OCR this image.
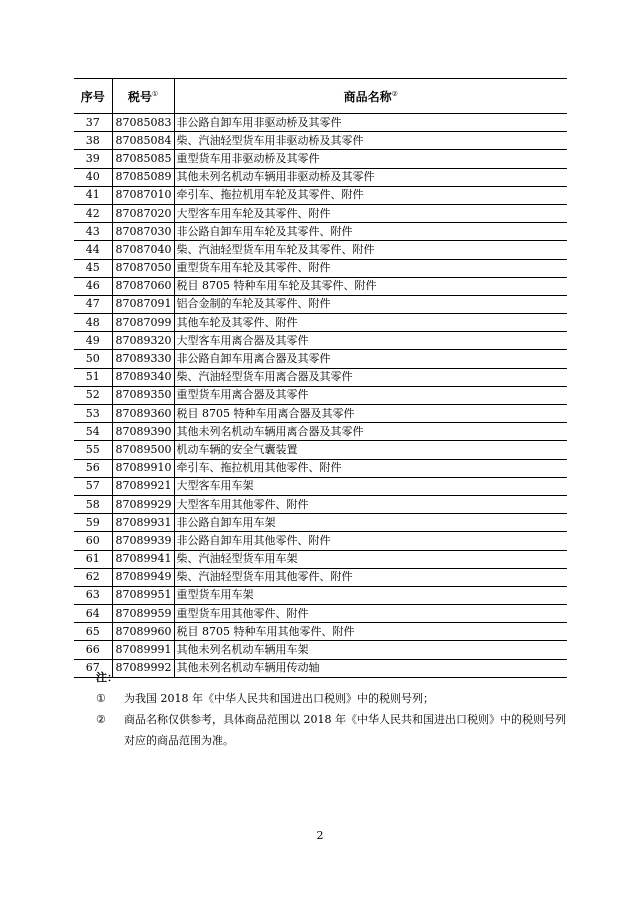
序号	税号①	商品名称②
37	87085083	非公路自卸车用非驱动桥及其零件
38	87085084	柴、汽油轻型货车用非驱动桥及其零件
39	87085085	重型货车用非驱动桥及其零件
40	87085089	其他未列名机动车辆用非驱动桥及其零件
41	87087010	牵引车、拖拉机用车轮及其零件、附件
42	87087020	大型客车用车轮及其零件、附件
43	87087030	非公路自卸车用车轮及其零件、附件
44	87087040	柴、汽油轻型货车用车轮及其零件、附件
45	87087050	重型货车用车轮及其零件、附件
46	87087060	税目 8705 特种车用车轮及其零件、附件
47	87087091	铝合金制的车轮及其零件、附件
48	87087099	其他车轮及其零件、附件
49	87089320	大型客车用离合器及其零件
50	87089330	非公路自卸车用离合器及其零件
51	87089340	柴、汽油轻型货车用离合器及其零件
52	87089350	重型货车用离合器及其零件
53	87089360	税目 8705 特种车用离合器及其零件
54	87089390	其他未列名机动车辆用离合器及其零件
55	87089500	机动车辆的安全气囊装置
56	87089910	牵引车、拖拉机用其他零件、附件
57	87089921	大型客车用车架
58	87089929	大型客车用其他零件、附件
59	87089931	非公路自卸车用车架
60	87089939	非公路自卸车用其他零件、附件
61	87089941	柴、汽油轻型货车用车架
62	87089949	柴、汽油轻型货车用其他零件、附件
63	87089951	重型货车用车架
64	87089959	重型货车用其他零件、附件
65	87089960	税目 8705 特种车用其他零件、附件
66	87089991	其他未列名机动车辆用车架
67	87089992	其他未列名机动车辆用传动轴
注：
①	为我国 2018 年《中华人民共和国进出口税则》中的税则号列；
②	商品名称仅供参考，具体商品范围以 2018 年《中华人民共和国进出口税则》中的税则号列对应的商品范围为准。
2
